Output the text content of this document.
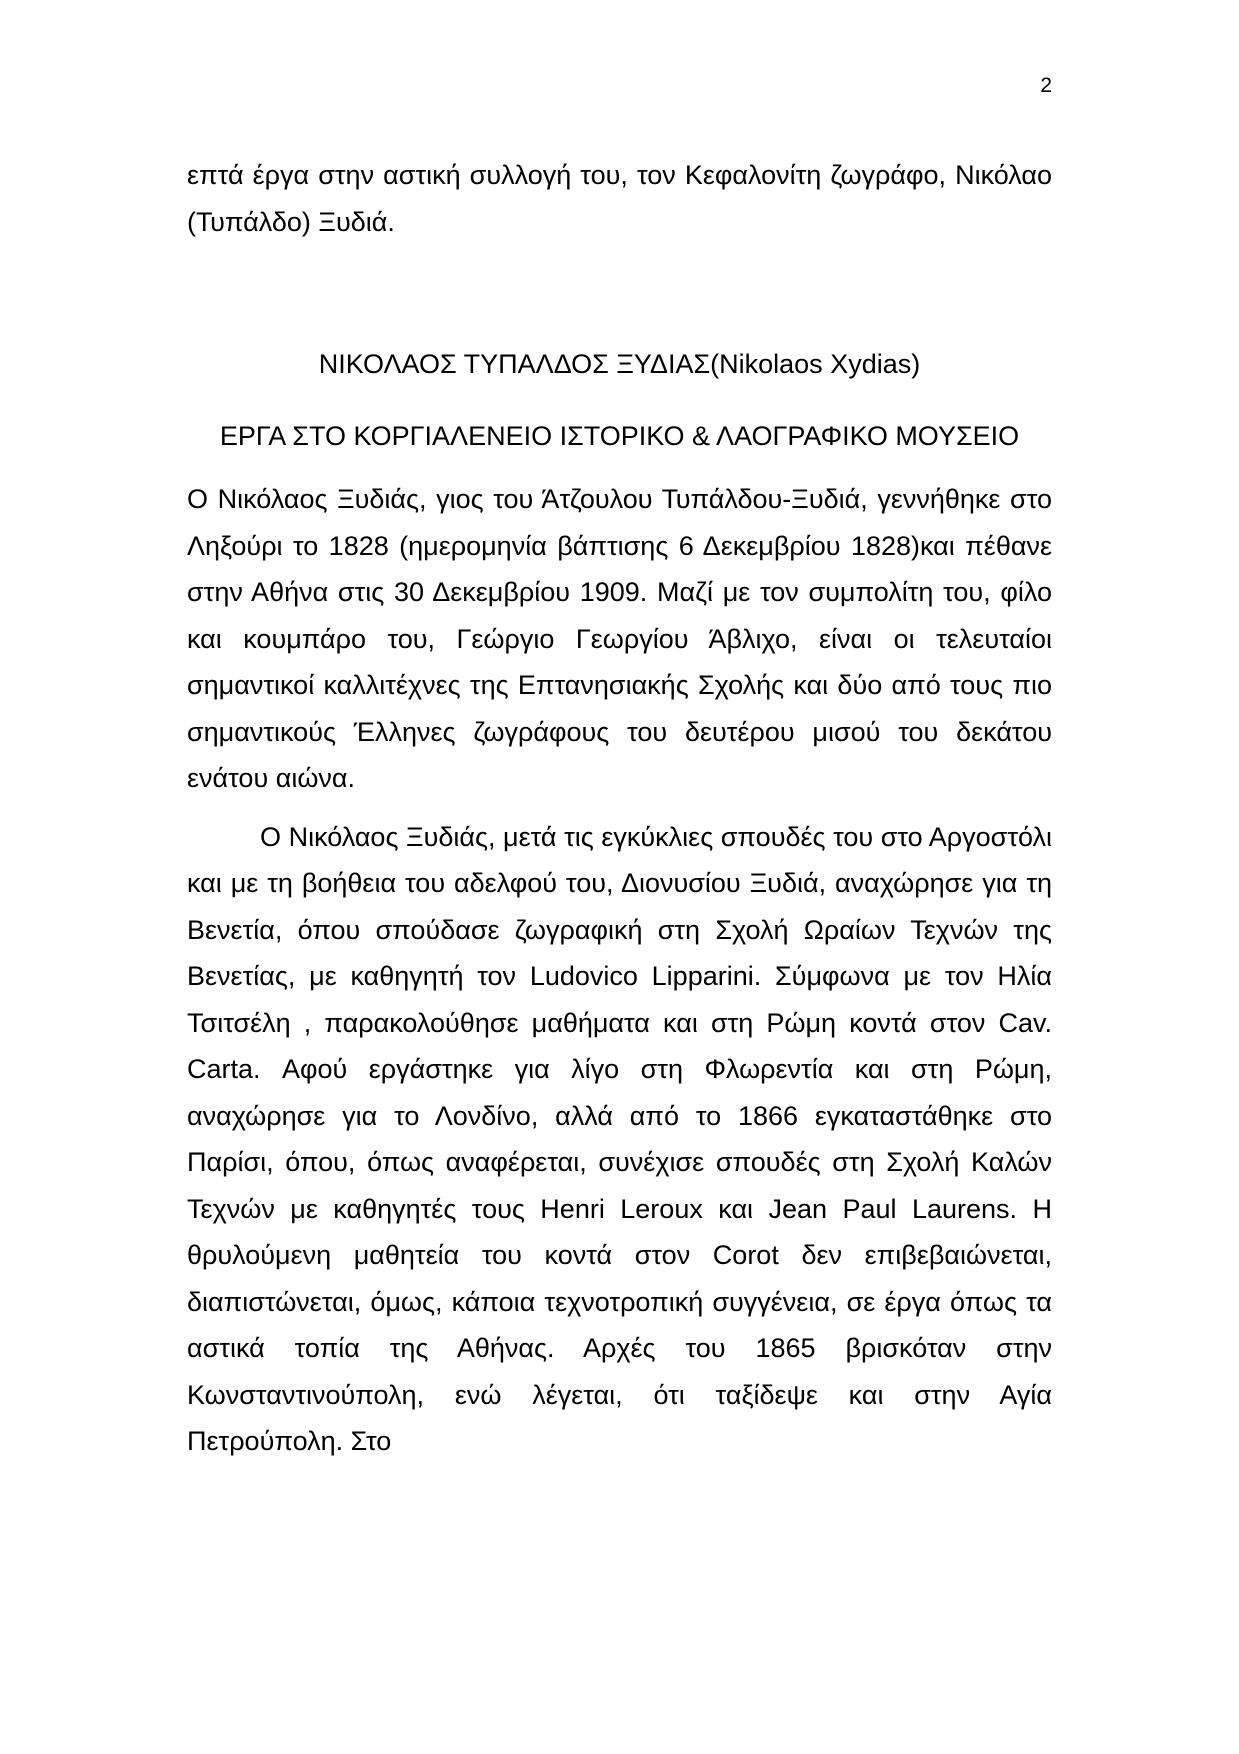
2

επτά έργα στην αστική συλλογή του, τον Κεφαλονίτη ζωγράφο, Νικόλαο (Τυπάλδο) Ξυδιά.

ΝΙΚΟΛΑΟΣ ΤΥΠΑΛΔΟΣ ΞΥΔΙΑΣ(Nikolaos Xydias)

ΕΡΓΑ ΣΤΟ ΚΟΡΓΙΑΛΕΝΕΙΟ ΙΣΤΟΡΙΚΟ & ΛΑΟΓΡΑΦΙΚΟ ΜΟΥΣΕΙΟ

Ο Νικόλαος Ξυδιάς, γιος του Άτζουλου Τυπάλδου-Ξυδιά, γεννήθηκε στο Ληξούρι το 1828 (ημερομηνία βάπτισης 6 Δεκεμβρίου 1828)και πέθανε στην Αθήνα στις 30 Δεκεμβρίου 1909. Μαζί με τον συμπολίτη του, φίλο και κουμπάρο του, Γεώργιο Γεωργίου Άβλιχο, είναι οι τελευταίοι σημαντικοί καλλιτέχνες της Επτανησιακής Σχολής και δύο από τους πιο σημαντικούς Έλληνες ζωγράφους του δευτέρου μισού του δεκάτου ενάτου αιώνα.

Ο Νικόλαος Ξυδιάς, μετά τις εγκύκλιες σπουδές του στο Αργοστόλι και με τη βοήθεια του αδελφού του, Διονυσίου Ξυδιά, αναχώρησε για τη Βενετία, όπου σπούδασε ζωγραφική στη Σχολή Ωραίων Τεχνών της Βενετίας, με καθηγητή τον Ludovico Lipparini. Σύμφωνα με τον Ηλία Τσιτσέλη , παρακολούθησε μαθήματα και στη Ρώμη κοντά στον Cav. Carta. Αφού εργάστηκε για λίγο στη Φλωρεντία και στη Ρώμη, αναχώρησε για το Λονδίνο, αλλά από το 1866 εγκαταστάθηκε στο Παρίσι, όπου, όπως αναφέρεται, συνέχισε σπουδές στη Σχολή Καλών Τεχνών με καθηγητές τους Henri Leroux και Jean Paul Laurens. Η θρυλούμενη μαθητεία του κοντά στον Corot δεν επιβεβαιώνεται, διαπιστώνεται, όμως, κάποια τεχνοτροπική συγγένεια, σε έργα όπως τα αστικά τοπία της Αθήνας. Αρχές του 1865 βρισκόταν στην Κωνσταντινούπολη, ενώ λέγεται, ότι ταξίδεψε και στην Αγία Πετρούπολη. Στο
